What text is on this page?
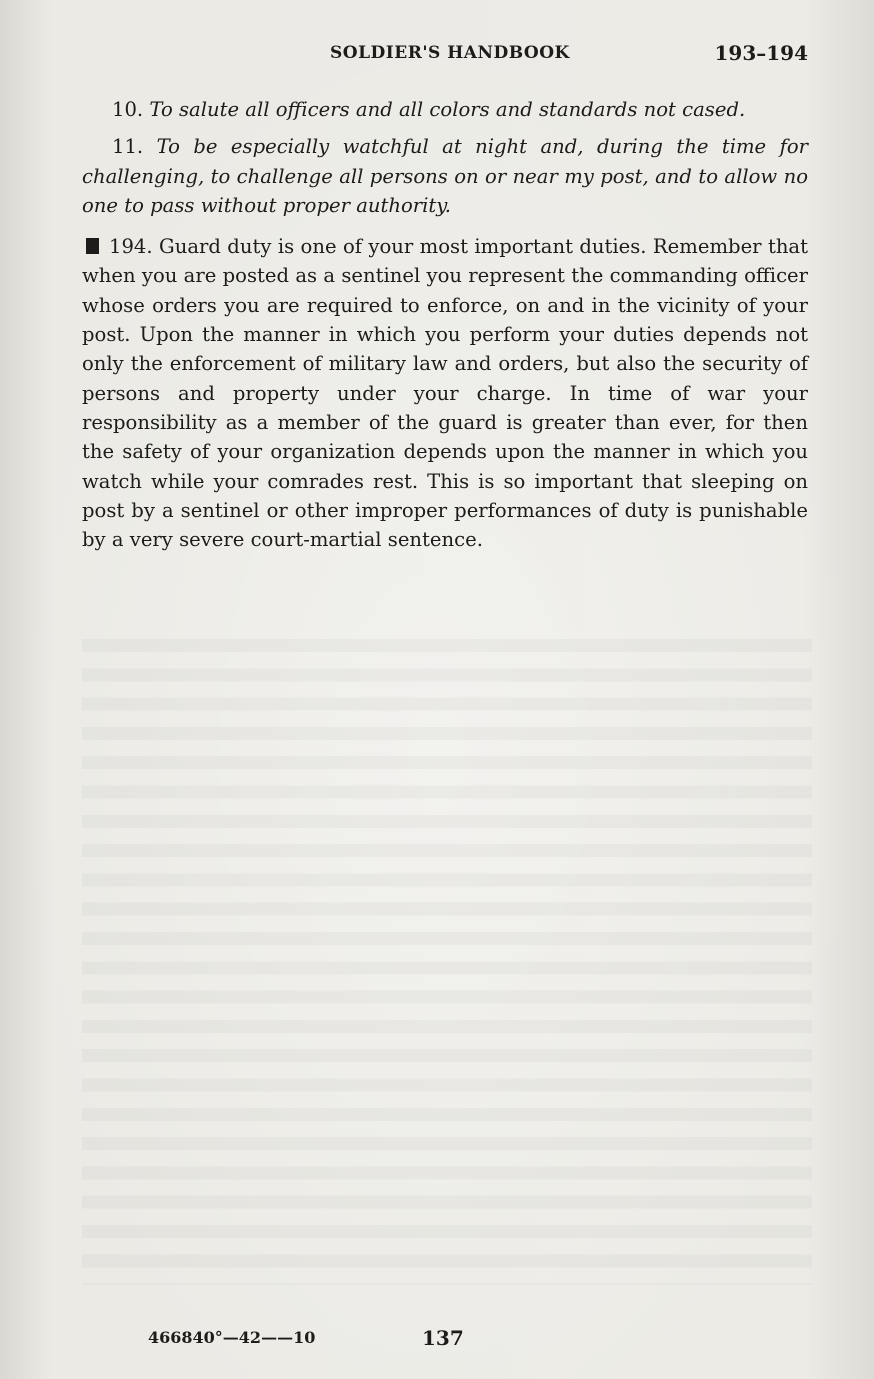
SOLDIER'S HANDBOOK	193–194

10. To salute all officers and all colors and standards not cased.

11. To be especially watchful at night and, during the time for challenging, to challenge all persons on or near my post, and to allow no one to pass without proper authority.

194. Guard duty is one of your most important duties. Remember that when you are posted as a sentinel you represent the commanding officer whose orders you are required to enforce, on and in the vicinity of your post. Upon the manner in which you perform your duties depends not only the enforcement of military law and orders, but also the security of persons and property under your charge. In time of war your responsibility as a member of the guard is greater than ever, for then the safety of your organization depends upon the manner in which you watch while your comrades rest. This is so important that sleeping on post by a sentinel or other improper performances of duty is punishable by a very severe court-martial sentence.

466840°—42——10	137
